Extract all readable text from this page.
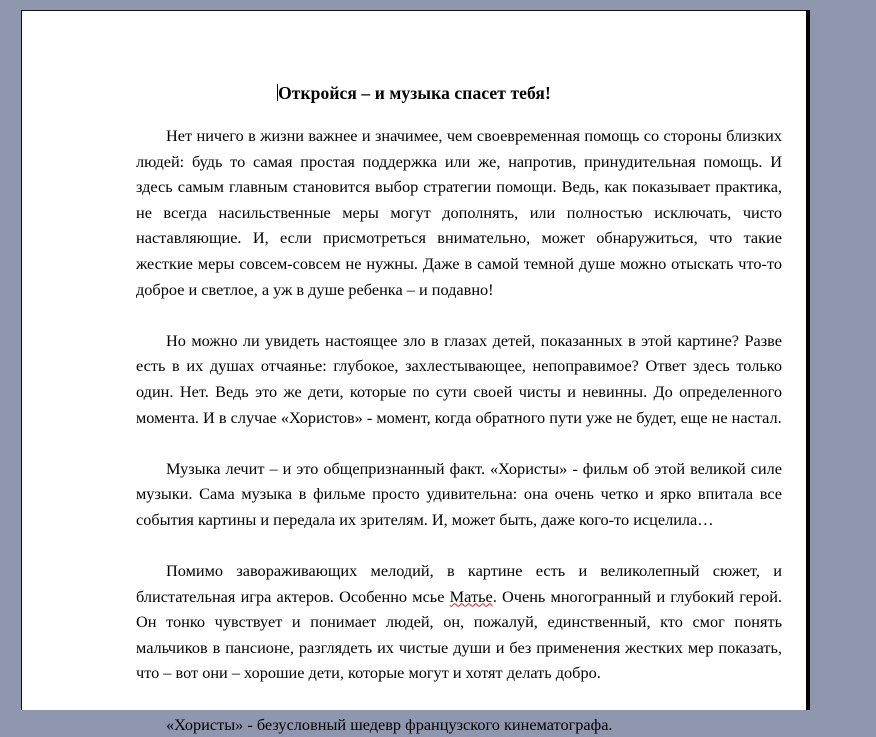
Откройся – и музыка спасет тебя!

Нет ничего в жизни важнее и значимее, чем своевременная помощь со стороны близких людей: будь то самая простая поддержка или же, напротив, принудительная помощь. И здесь самым главным становится выбор стратегии помощи. Ведь, как показывает практика, не всегда насильственные меры могут дополнять, или полностью исключать, чисто наставляющие. И, если присмотреться внимательно, может обнаружиться, что такие жесткие меры совсем-совсем не нужны. Даже в самой темной душе можно отыскать что-то доброе и светлое, а уж в душе ребенка – и подавно!

Но можно ли увидеть настоящее зло в глазах детей, показанных в этой картине? Разве есть в их душах отчаянье: глубокое, захлестывающее, непоправимое? Ответ здесь только один. Нет. Ведь это же дети, которые по сути своей чисты и невинны. До определенного момента. И в случае «Хористов» - момент, когда обратного пути уже не будет, еще не настал.

Музыка лечит – и это общепризнанный факт. «Хористы» - фильм об этой великой силе музыки. Сама музыка в фильме просто удивительна: она очень четко и ярко впитала все события картины и передала их зрителям. И, может быть, даже кого-то исцелила…

Помимо завораживающих мелодий, в картине есть и великолепный сюжет, и блистательная игра актеров. Особенно мсье Матье. Очень многогранный и глубокий герой. Он тонко чувствует и понимает людей, он, пожалуй, единственный, кто смог понять мальчиков в пансионе, разглядеть их чистые души и без применения жестких мер показать, что – вот они – хорошие дети, которые могут и хотят делать добро.

«Хористы» - безусловный шедевр французского кинематографа.
